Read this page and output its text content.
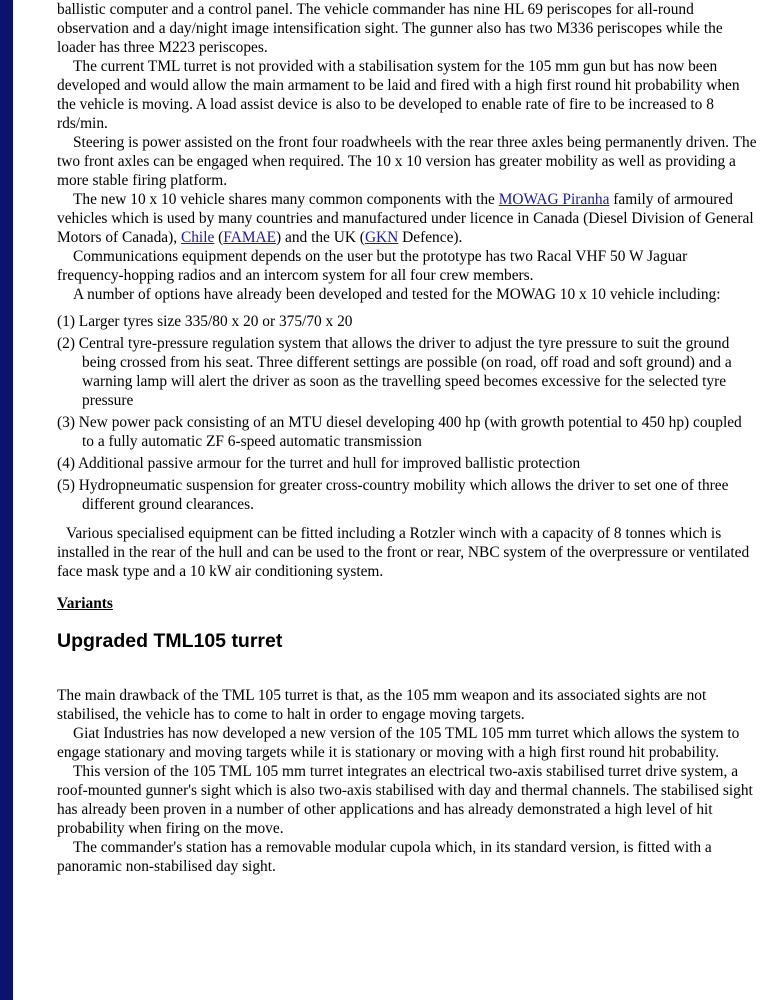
ballistic computer and a control panel. The vehicle commander has nine HL 69 periscopes for all-round observation and a day/night image intensification sight. The gunner also has two M336 periscopes while the loader has three M223 periscopes.

The current TML turret is not provided with a stabilisation system for the 105 mm gun but has now been developed and would allow the main armament to be laid and fired with a high first round hit probability when the vehicle is moving. A load assist device is also to be developed to enable rate of fire to be increased to 8 rds/min.

Steering is power assisted on the front four roadwheels with the rear three axles being permanently driven. The two front axles can be engaged when required. The 10 x 10 version has greater mobility as well as providing a more stable firing platform.

The new 10 x 10 vehicle shares many common components with the MOWAG Piranha family of armoured vehicles which is used by many countries and manufactured under licence in Canada (Diesel Division of General Motors of Canada), Chile (FAMAE) and the UK (GKN Defence).

Communications equipment depends on the user but the prototype has two Racal VHF 50 W Jaguar frequency-hopping radios and an intercom system for all four crew members.

A number of options have already been developed and tested for the MOWAG 10 x 10 vehicle including:

(1) Larger tyres size 335/80 x 20 or 375/70 x 20
(2) Central tyre-pressure regulation system that allows the driver to adjust the tyre pressure to suit the ground being crossed from his seat. Three different settings are possible (on road, off road and soft ground) and a warning lamp will alert the driver as soon as the travelling speed becomes excessive for the selected tyre pressure
(3) New power pack consisting of an MTU diesel developing 400 hp (with growth potential to 450 hp) coupled to a fully automatic ZF 6-speed automatic transmission
(4) Additional passive armour for the turret and hull for improved ballistic protection
(5) Hydropneumatic suspension for greater cross-country mobility which allows the driver to set one of three different ground clearances.

Various specialised equipment can be fitted including a Rotzler winch with a capacity of 8 tonnes which is installed in the rear of the hull and can be used to the front or rear, NBC system of the overpressure or ventilated face mask type and a 10 kW air conditioning system.

Variants

Upgraded TML105 turret

The main drawback of the TML 105 turret is that, as the 105 mm weapon and its associated sights are not stabilised, the vehicle has to come to halt in order to engage moving targets.

Giat Industries has now developed a new version of the 105 TML 105 mm turret which allows the system to engage stationary and moving targets while it is stationary or moving with a high first round hit probability.

This version of the 105 TML 105 mm turret integrates an electrical two-axis stabilised turret drive system, a roof-mounted gunner's sight which is also two-axis stabilised with day and thermal channels. The stabilised sight has already been proven in a number of other applications and has already demonstrated a high level of hit probability when firing on the move.

The commander's station has a removable modular cupola which, in its standard version, is fitted with a panoramic non-stabilised day sight.
